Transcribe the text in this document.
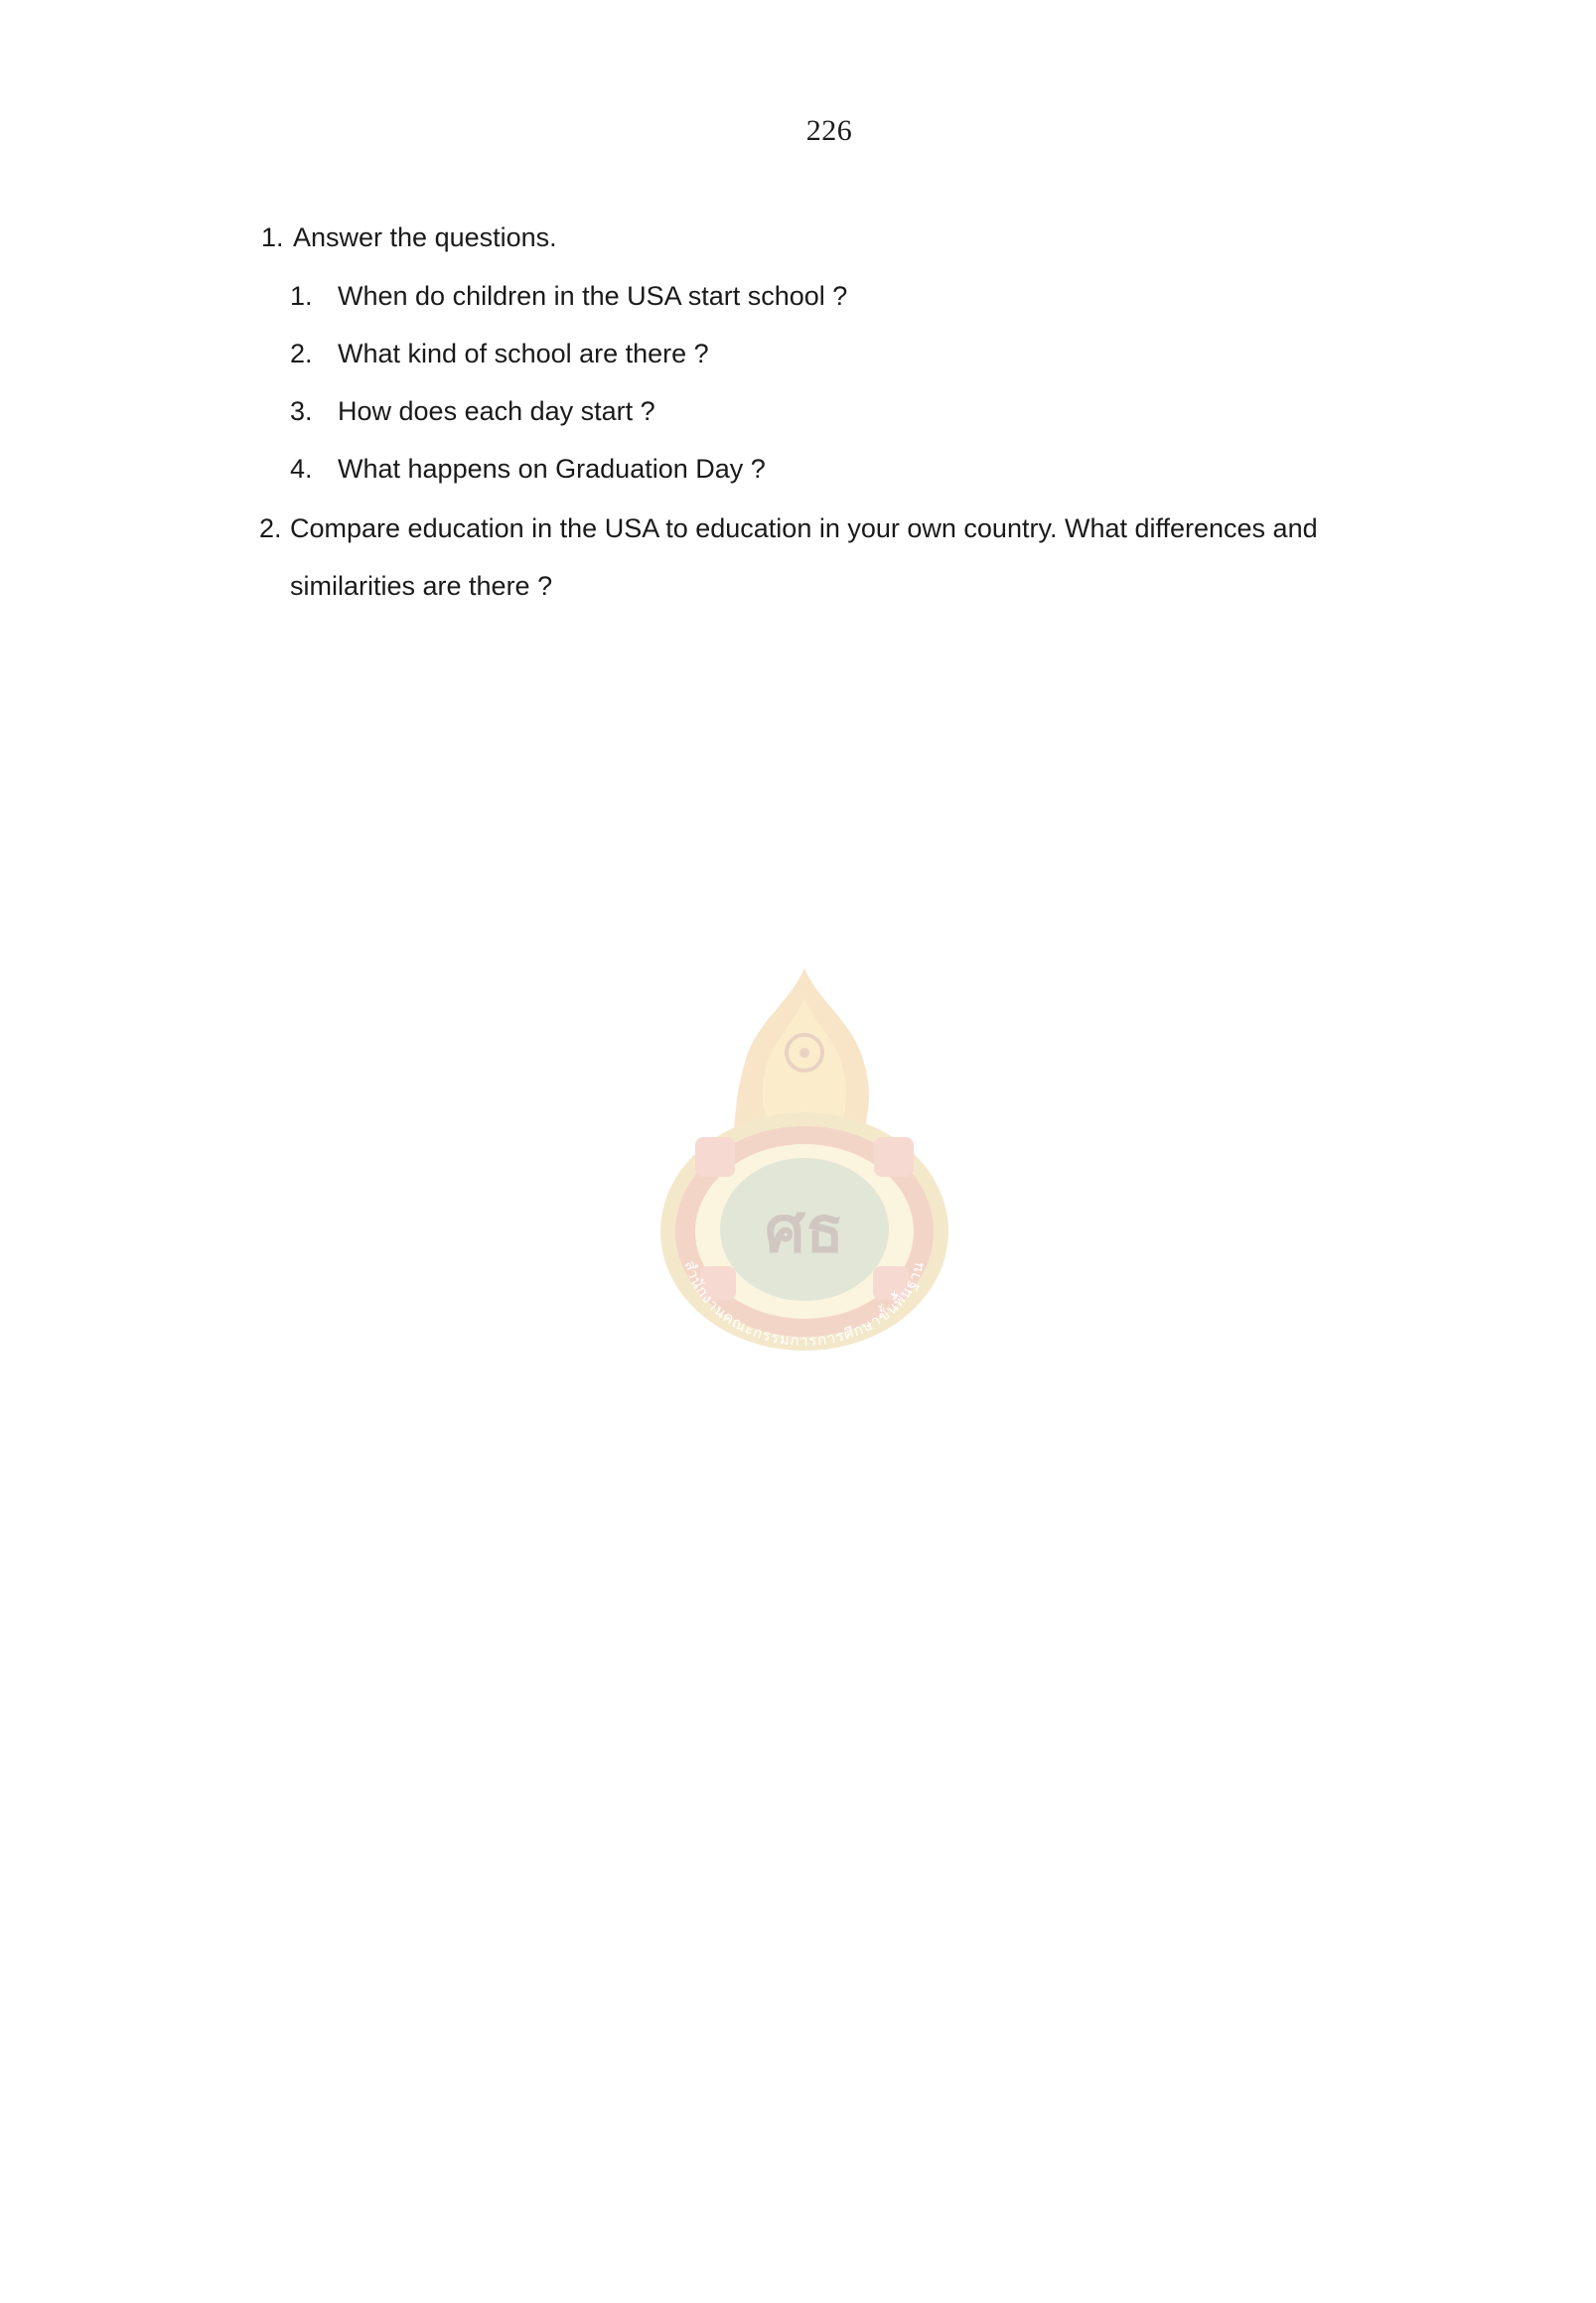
226
1. Answer the questions.
1. When do children in the USA start school ?
2. What kind of school are there ?
3. How does each day start ?
4. What happens on Graduation Day ?
2. Compare education in the USA to education in your own country. What differences and
similarities are there ?
ศธ
สำนักงานคณะกรรมการการศึกษาขั้นพื้นฐาน
